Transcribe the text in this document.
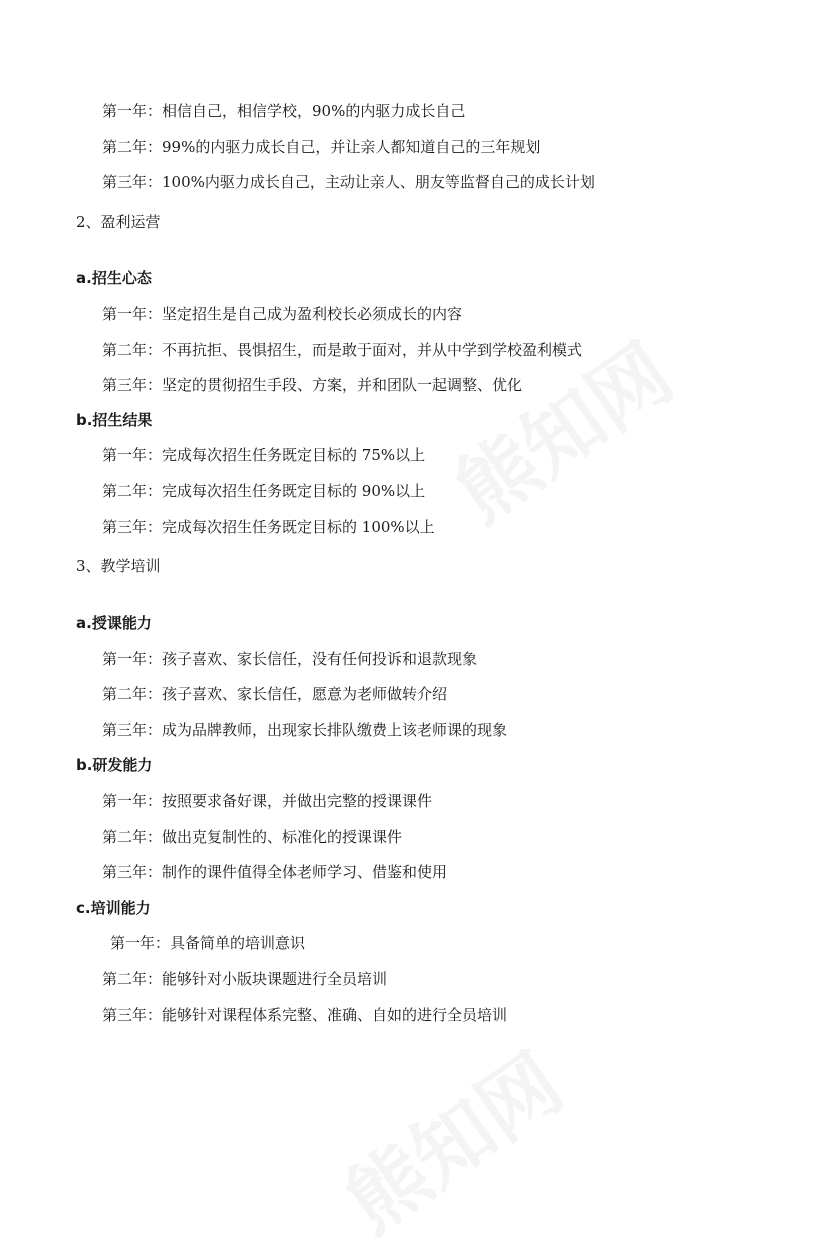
熊知网
熊知网
第一年：相信自己，相信学校，90%的内驱力成长自己
第二年：99%的内驱力成长自己，并让亲人都知道自己的三年规划
第三年：100%内驱力成长自己，主动让亲人、朋友等监督自己的成长计划
2、盈利运营
a.招生心态
第一年：坚定招生是自己成为盈利校长必须成长的内容
第二年：不再抗拒、畏惧招生，而是敢于面对，并从中学到学校盈利模式
第三年：坚定的贯彻招生手段、方案，并和团队一起调整、优化
b.招生结果
第一年：完成每次招生任务既定目标的 75%以上
第二年：完成每次招生任务既定目标的 90%以上
第三年：完成每次招生任务既定目标的 100%以上
3、教学培训
a.授课能力
第一年：孩子喜欢、家长信任，没有任何投诉和退款现象
第二年：孩子喜欢、家长信任，愿意为老师做转介绍
第三年：成为品牌教师，出现家长排队缴费上该老师课的现象
b.研发能力
第一年：按照要求备好课，并做出完整的授课课件
第二年：做出克复制性的、标准化的授课课件
第三年：制作的课件值得全体老师学习、借鉴和使用
c.培训能力
第一年：具备简单的培训意识
第二年：能够针对小版块课题进行全员培训
第三年：能够针对课程体系完整、准确、自如的进行全员培训
